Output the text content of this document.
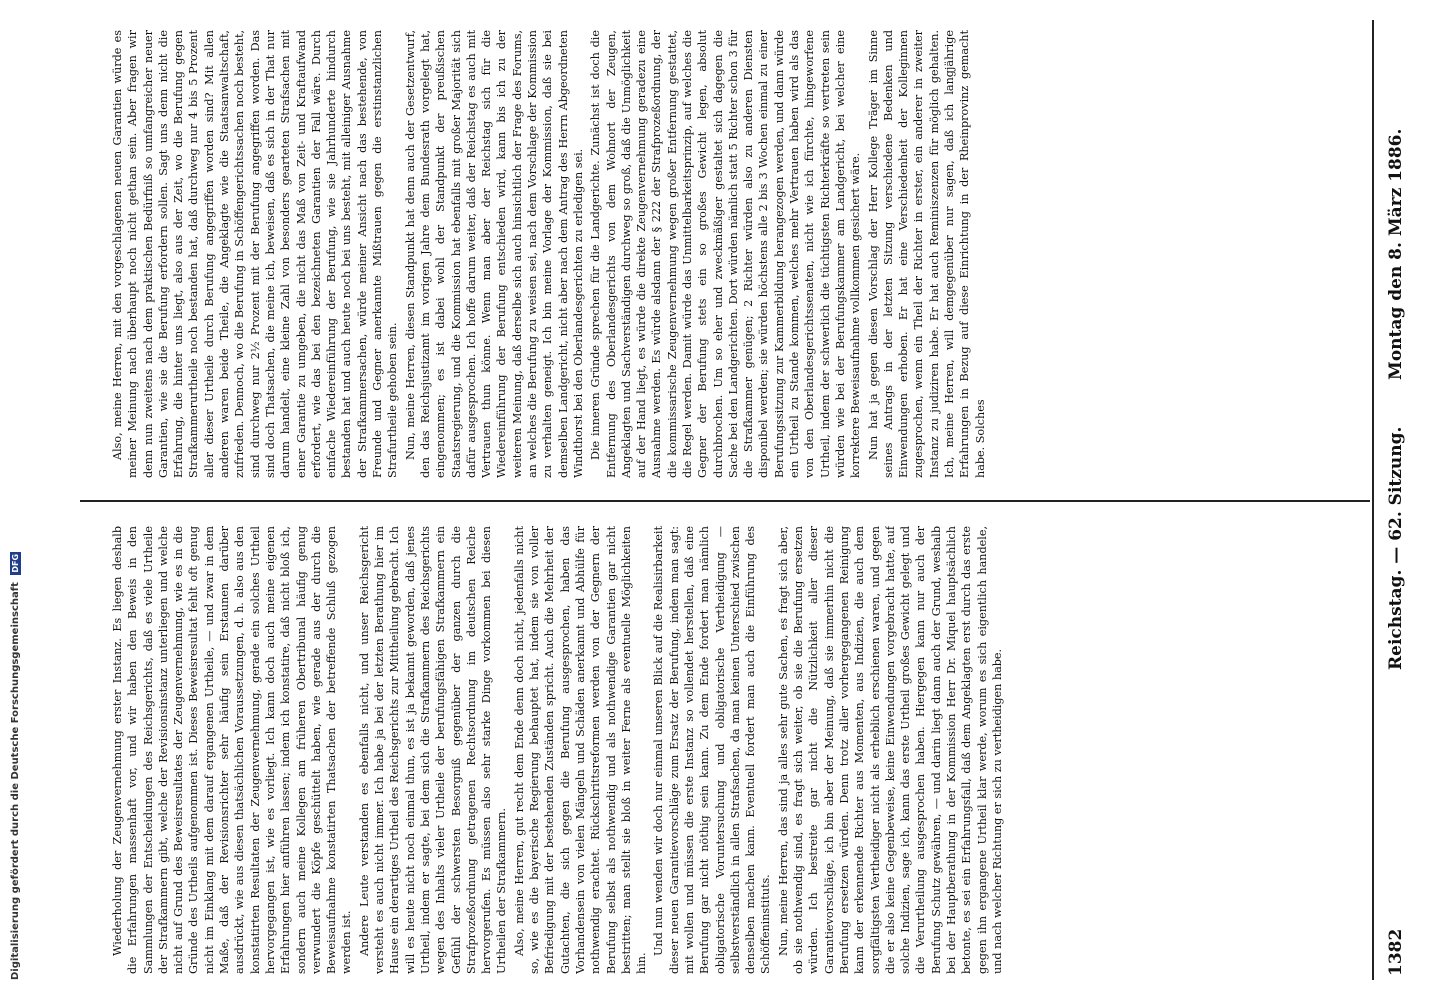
1382
Reichstag. — 62. Sitzung.
Montag den 8. März 1886.

Wiederholung der Zeugenvernehmung erster Instanz. Es liegen deshalb die Erfahrungen massenhaft vor, und wir haben den Beweis in den Sammlungen der Entscheidungen des Reichsgerichts, daß es viele Urtheile der Strafkammern gibt, welche der Revisionsinstanz unterliegen und welche nicht auf Grund des Beweisresultates der Zeugenvernehmung, wie es in die Gründe des Urtheils aufgenommen ist. Dieses Beweisresultat fehlt oft genug nicht im Einklang mit dem darauf ergangenen Urtheile, — und zwar in dem Maße, daß der Revisionsrichter sehr häufig sein Erstaunen darüber ausdrückt, wie aus diesen thatsächlichen Voraussetzungen, d. h. also aus den konstatirten Resultaten der Zeugenvernehmung, gerade ein solches Urtheil hervorgegangen ist, wie es vorliegt. Ich kann doch auch meine eigenen Erfahrungen hier anführen lassen; indem ich konstatire, daß nicht bloß ich, sondern auch meine Kollegen am früheren Obertribunal häufig genug verwundert die Köpfe geschüttelt haben, wie gerade aus der durch die Beweisaufnahme konstatirten Thatsachen der betreffende Schluß gezogen werden ist. Andere Leute verstanden es ebenfalls nicht, und unser Reichsgericht versteht es auch nicht immer. Ich habe ja bei der letzten Berathung hier im Hause ein derartiges Urtheil des Reichsgerichts zur Mittheilung gebracht. Ich will es heute nicht noch einmal thun, es ist ja bekannt geworden, daß jenes Urtheil, indem er sagte, bei dem sich die Strafkammern des Reichsgerichts wegen des Inhalts vieler Urtheile der berufungsfähigen Strafkammern ein Gefühl der schwersten Besorgniß gegenüber der ganzen durch die Strafprozeßordnung getragenen Rechtsordnung im deutschen Reiche hervorgerufen. Es müssen also sehr starke Dinge vorkommen bei diesen Urtheilen der Strafkammern. Also, meine Herren, gut recht dem Ende denn doch nicht, jedenfalls nicht so, wie es die bayerische Regierung behauptet hat, indem sie von voller Befriedigung mit der bestehenden Zuständen spricht. Auch die Mehrheit der Gutachten, die sich gegen die Berufung ausgesprochen, haben das Vorhandensein von vielen Mängeln und Schäden anerkannt und Abhülfe für nothwendig erachtet. Rückschrittsreformen werden von der Gegnern der Berufung selbst als nothwendig und als nothwendige Garantien gar nicht bestritten; man stellt sie bloß in weiter Ferne als eventuelle Möglichkeiten hin.

Und nun wenden wir doch nur einmal unseren Blick auf die Realisirbarkeit dieser neuen Garantievorschläge zum Ersatz der Berufung, indem man sagt: mit wollen und müssen die erste Instanz so vollendet herstellen, daß eine Berufung gar nicht nöthig sein kann. Zu dem Ende fordert man nämlich obligatorische Voruntersuchung und obligatorische Vertheidigung — selbstverständlich in allen Strafsachen, da man keinen Unterschied zwischen denselben machen kann. Eventuell fordert man auch die Einführung des Schöffeninstituts. Nun, meine Herren, das sind ja alles sehr gute Sachen, es fragt sich aber, ob sie nothwendig sind, es fragt sich weiter, ob sie die Berufung ersetzen würden. Ich bestreite gar nicht die Nützlichkeit aller dieser Garantievorschläge, ich bin aber der Meinung, daß sie immerhin nicht die Berufung ersetzen würden. Denn trotz aller vorhergegangenen Reinigung kann der erkennende Richter aus Momenten, aus Indizien, die auch dem sorgfältigsten Vertheidiger nicht als erheblich erschienen waren, und gegen die er also keine Gegenbeweise, keine Einwendungen vorgebracht hatte, auf solche Indizien, sage ich, kann das erste Urtheil großes Gewicht gelegt und die Verurtheilung ausgesprochen haben. Hiergegen kann nur auch der Berufung Schutz gewähren, — und darin liegt dann auch der Grund, weshalb bei der Hauptberathung in der Kommission Herr Dr. Miquel hauptsächlich betonte, es sei ein Erfahrungsfall, daß dem Angeklagten erst durch das erste gegen ihn ergangene Urtheil klar werde, worum es sich eigentlich handele, und nach welcher Richtung er sich zu vertheidigen habe.

Also, meine Herren, mit den vorgeschlagenen neuen Garantien würde es meiner Meinung nach überhaupt noch nicht gethan sein. Aber fragen wir denn nun zweitens nach dem praktischen Bedürfniß so umfangreicher neuer Garantien, wie sie die Berufung erfordern sollen. Sagt uns denn nicht die Erfahrung, die hinter uns liegt, also aus der Zeit, wo die Berufung gegen Strafkammerurtheile noch bestanden hat, daß durchweg nur 4 bis 5 Prozent aller dieser Urtheile durch Berufung angegriffen worden sind? Mit allen anderen waren beide Theile, die Angeklagte wie die Staatsanwaltschaft, zufrieden. Dennoch, wo die Berufung in Schöffengerichtssachen noch besteht, sind durchweg nur 2½ Prozent mit der Berufung angegriffen worden. Das sind doch Thatsachen, die meine ich, beweisen, daß es sich in der That nur darum handelt, eine kleine Zahl von besonders gearteten Strafsachen mit einer Garantie zu umgeben, die nicht das Maß von Zeit- und Kraftaufwand erfordert, wie das bei den bezeichneten Garantien der Fall wäre. Durch einfache Wiedereinführung der Berufung, wie sie Jahrhunderte hindurch bestanden hat und auch heute noch bei uns besteht, mit alleiniger Ausnahme der Strafkammersachen, würde meiner Ansicht nach das bestehende, von Freunde und Gegner anerkannte Mißtrauen gegen die erstinstanzlichen Strafurtheile gehoben sein. Nun, meine Herren, diesen Standpunkt hat denn auch der Gesetzentwurf, den das Reichsjustizamt im vorigen Jahre dem Bundesrath vorgelegt hat, eingenommen; es ist dabei wohl der Standpunkt der preußischen Staatsregierung, und die Kommission hat ebenfalls mit großer Majorität sich dafür ausgesprochen. Ich hoffe darum weiter, daß der Reichstag es auch mit Vertrauen thun könne. Wenn man aber der Reichstag sich für die Wiedereinführung der Berufung entschieden wird, kann bis ich zu der weiteren Meinung, daß derselbe sich auch hinsichtlich der Frage des Forums, an welches die Berufung zu weisen sei, nach dem Vorschlage der Kommission zu verhalten geneigt. Ich bin meine Vorlage der Kommission, daß sie bei demselben Landgericht, nicht aber nach dem Antrag des Herrn Abgeordneten Windthorst bei den Oberlandesgerichten zu erledigen sei. Die inneren Gründe sprechen für die Landgerichte. Zunächst ist doch die Entfernung des Oberlandesgerichts von dem Wohnort der Zeugen, Angeklagten und Sachverständigen durchweg so groß, daß die Unmöglichkeit auf der Hand liegt, es würde die direkte Zeugenvernehmung geradezu eine Ausnahme werden. Es würde alsdann der § 222 der Strafprozeßordnung, der die kommissarische Zeugenvernehmung wegen großer Entfernung gestattet, die Regel werden. Damit würde das Unmittelbarkeitsprinzip, auf welches die Gegner der Berufung stets ein so großes Gewicht legen, absolut durchbrochen. Um so eher und zweckmäßiger gestaltet sich dagegen die Sache bei den Landgerichten. Dort würden nämlich statt 5 Richter schon 3 für die Strafkammer genügen; 2 Richter würden also zu anderen Diensten disponibel werden; sie würden höchstens alle 2 bis 3 Wochen einmal zu einer Berufungssitzung zur Kammerbildung herangezogen werden, und dann würde ein Urtheil zu Stande kommen, welches mehr Vertrauen haben wird als das von den Oberlandesgerichtssenaten, nicht wie ich fürchte, hingeworfene Urtheil, indem der schwerlich die tüchtigsten Richterkräfte so vertreten sein würden wie bei der Berufungskammer am Landgericht, bei welcher eine korrektere Beweisaufnahme vollkommen gesichert wäre. Nun hat ja gegen diesen Vorschlag der Herr Kollege Träger im Sinne seines Antrags in der letzten Sitzung verschiedene Bedenken und Einwendungen erhoben. Er hat eine Verschiedenheit der Kolleginnen zugesprochen, wenn ein Theil der Richter in erster, ein anderer in zweiter Instanz zu judiziren habe. Er hat auch Reminiszenzen für möglich gehalten. Ich, meine Herren, will demgegenüber nur sagen, daß ich langjährige Erfahrungen in Bezug auf diese Einrichtung in der Rheinprovinz gemacht habe. Solches

Digitalisierung gefördert durch die Deutsche Forschungsgemeinschaft DFG
